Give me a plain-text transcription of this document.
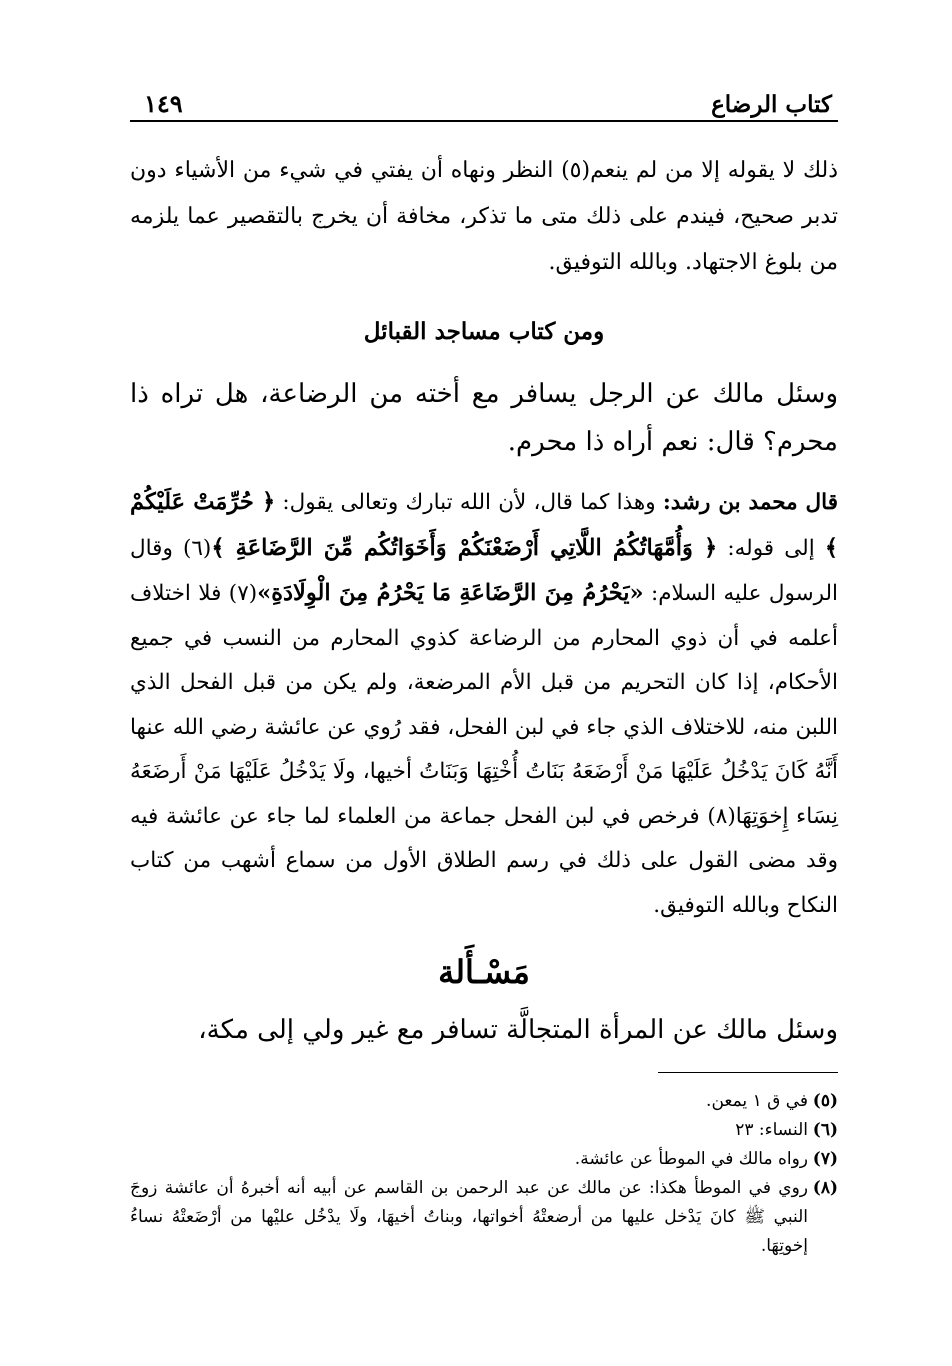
كتاب الرضاع
١٤٩

ذلك لا يقوله إلا من لم ينعم(٥) النظر ونهاه أن يفتي في شيء من الأشياء دون تدبر صحيح، فيندم على ذلك متى ما تذكر، مخافة أن يخرج بالتقصير عما يلزمه من بلوغ الاجتهاد. وبالله التوفيق.

ومن كتاب مساجد القبائل

وسئل مالك عن الرجل يسافر مع أخته من الرضاعة، هل تراه ذا محرم؟ قال: نعم أراه ذا محرم.

قال محمد بن رشد: وهذا كما قال، لأن الله تبارك وتعالى يقول: ﴿ حُرِّمَتْ عَلَيْكُمْ ﴾ إلى قوله: ﴿ وَأُمَّهَاتُكُمُ اللَّاتِي أَرْضَعْنَكُمْ وَأَخَوَاتُكُم مِّنَ الرَّضَاعَةِ ﴾(٦) وقال الرسول عليه السلام: «يَحْرُمُ مِنَ الرَّضَاعَةِ مَا يَحْرُمُ مِنَ الْوِلَادَةِ»(٧) فلا اختلاف أعلمه في أن ذوي المحارم من الرضاعة كذوي المحارم من النسب في جميع الأحكام، إذا كان التحريم من قبل الأم المرضعة، ولم يكن من قبل الفحل الذي اللبن منه، للاختلاف الذي جاء في لبن الفحل، فقد رُوي عن عائشة رضي الله عنها أَنَّهُ كَانَ يَدْخُلُ عَلَيْهَا مَنْ أَرْضَعَهُ بَنَاتُ أُخْتِهَا وَبَنَاتُ أخيها، ولَا يَدْخُلُ عَلَيْهَا مَنْ أَرضَعَهُ نِسَاء إِخوَتِهَا(٨) فرخص في لبن الفحل جماعة من العلماء لما جاء عن عائشة فيه وقد مضى القول على ذلك في رسم الطلاق الأول من سماع أشهب من كتاب النكاح وبالله التوفيق.

مَسْـأَلة

وسئل مالك عن المرأة المتجالَّة تسافر مع غير ولي إلى مكة،

(٥)
في ق ١ يمعن.
(٦)
النساء: ٢٣
(٧)
رواه مالك في الموطأ عن عائشة.
(٨)
روي في الموطأ هكذا: عن مالك عن عبد الرحمن بن القاسم عن أبيه أنه أخبرهُ أن عائشة زوجَ النبي ﷺ كانَ يَدْخل عليها من أرضعتْهُ أخواتها، وبناتُ أخيهَا، ولَا يدْخُل عليْها من أرْضَعتْهُ نساءُ إخوتِهَا.
